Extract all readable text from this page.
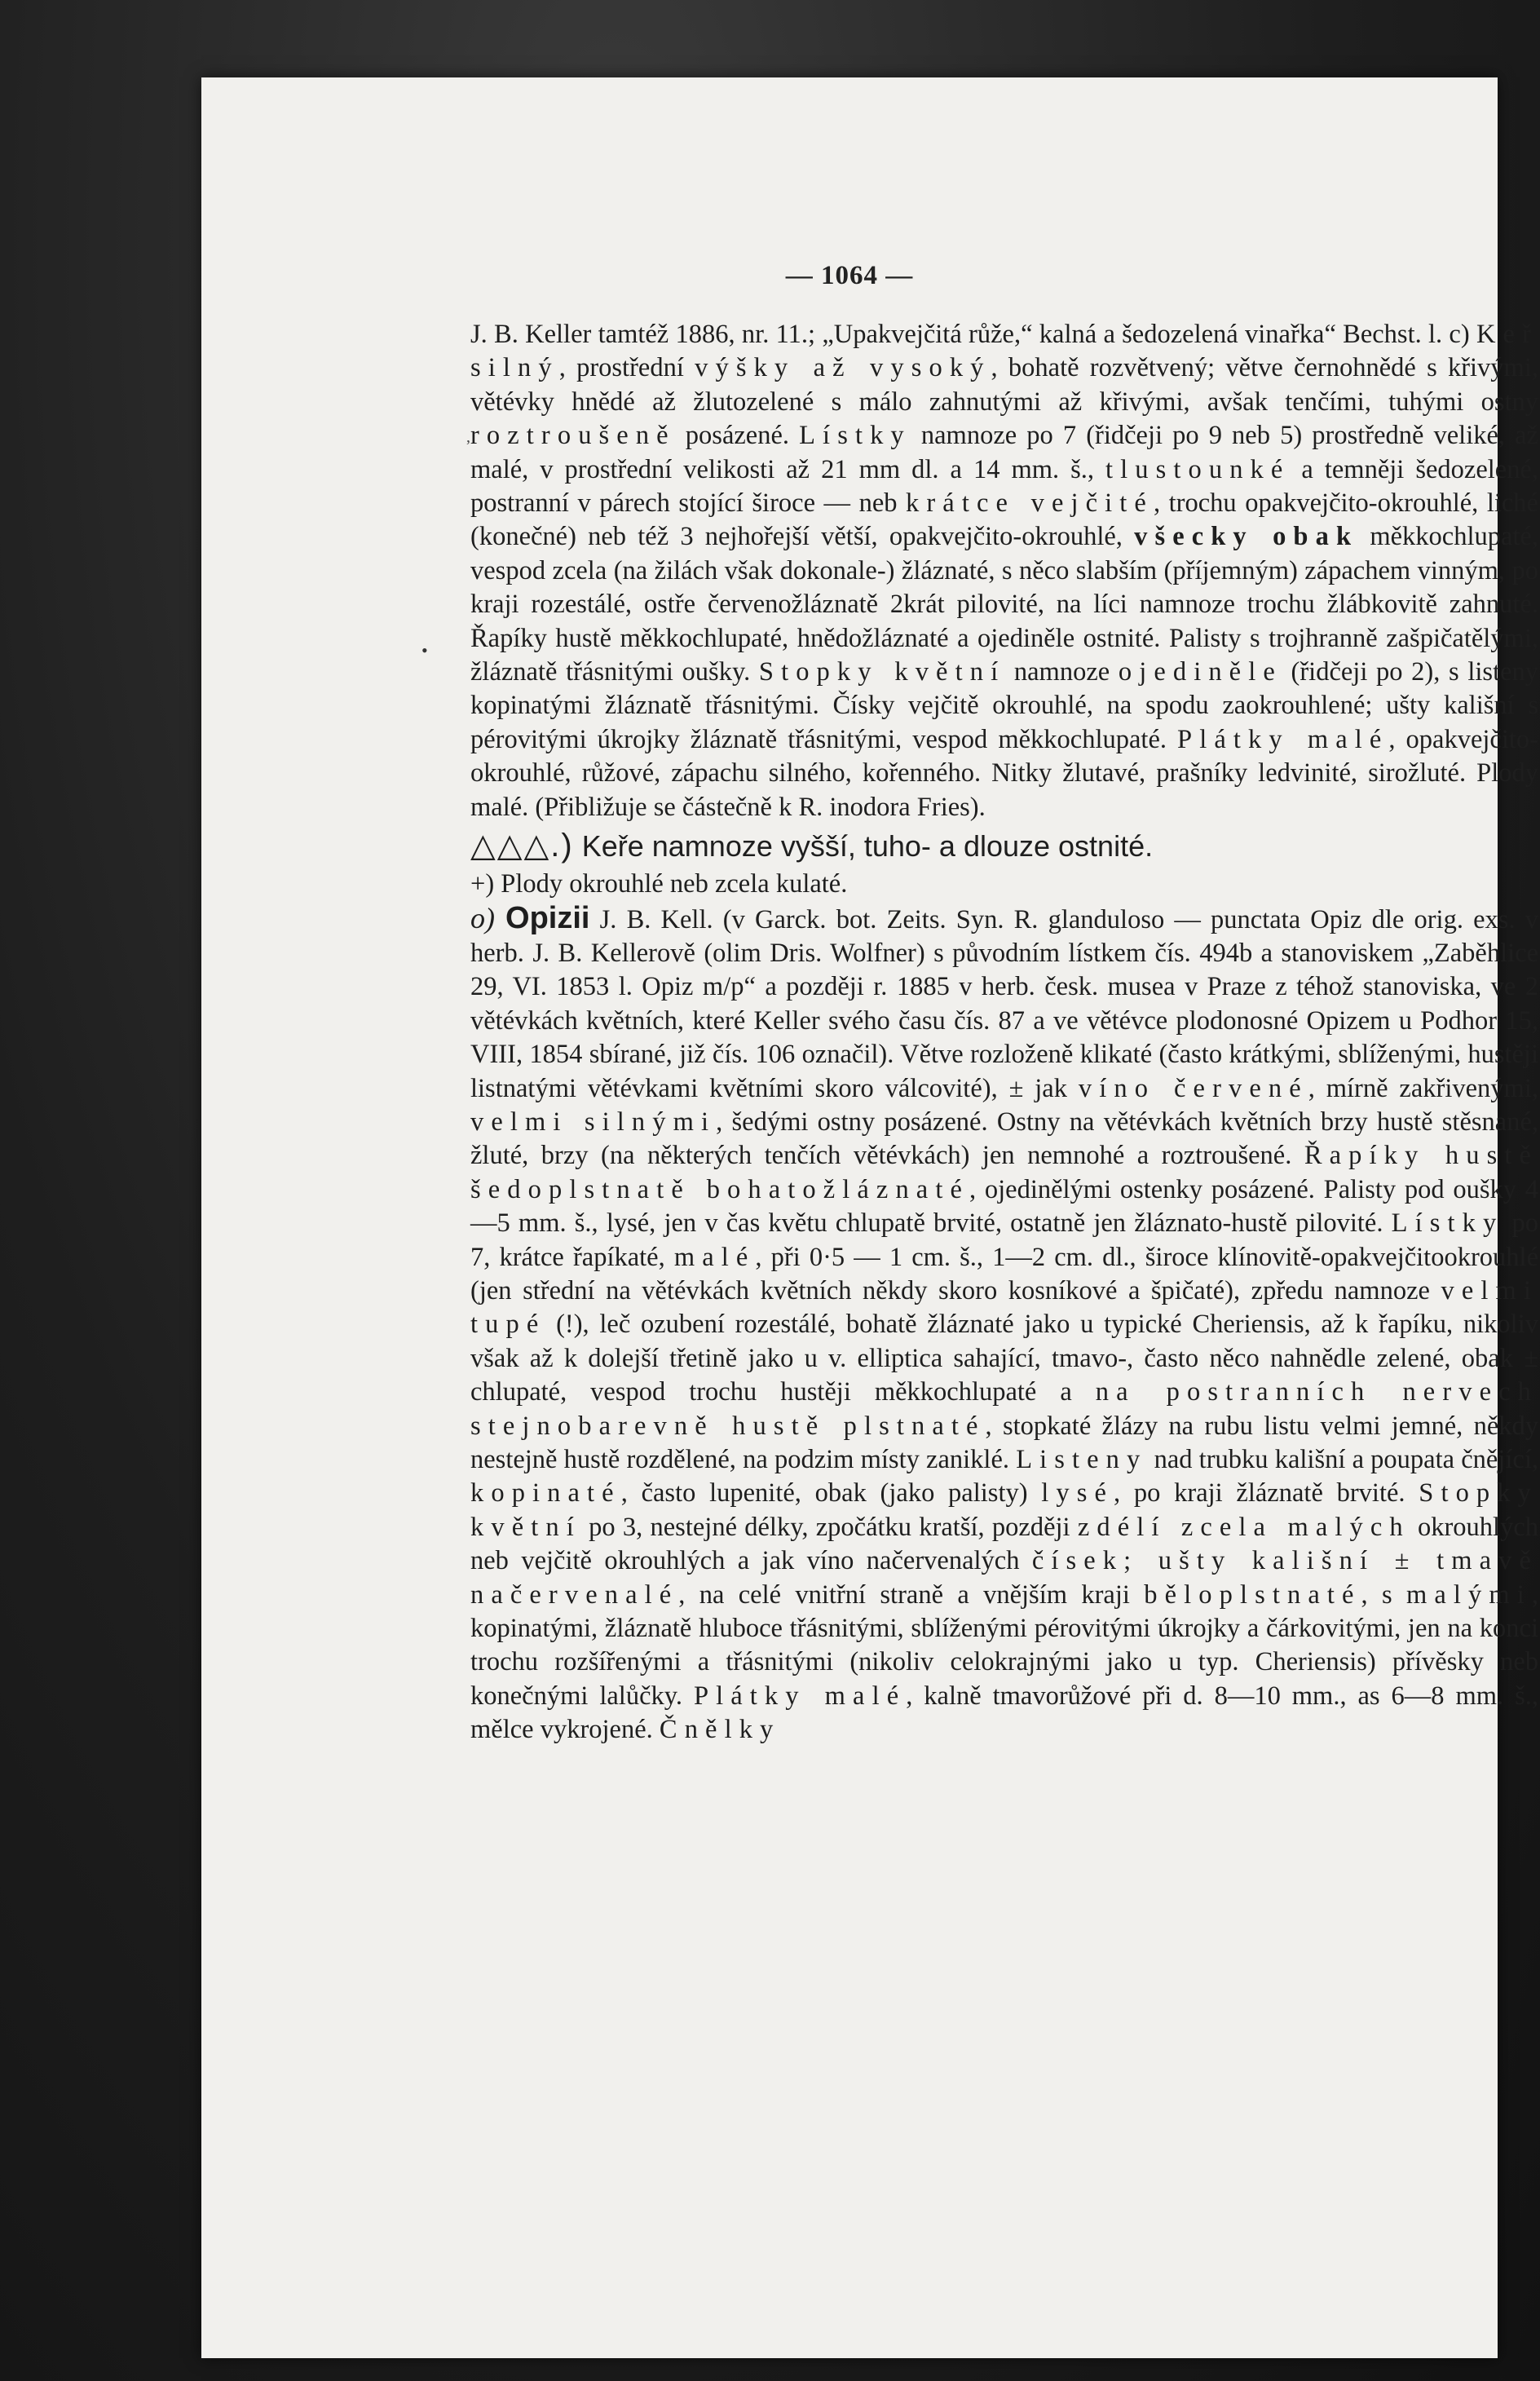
— 1064 —
,
•

J. B. Keller tamtéž 1886, nr. 11.; „Upakvejčitá růže,“ kalná a šedozelená vinařka“ Bechst. l. c) Keř silný, prostřední výšky až vysoký, bohatě rozvětvený; větve černohnědé s křivými, větévky hnědé až žlutozelené s málo zahnutými až křivými, avšak tenčími, tuhými ostny roztroušeně posázené. Lístky namnoze po 7 (řidčeji po 9 neb 5) prostředně veliké, až malé, v prostřední velikosti až 21 mm dl. a 14 mm. š., tlustounké a temněji šedozelené, postranní v párech stojící široce — neb krátce vejčité, trochu opakvejčito-okrouhlé, liché (konečné) neb též 3 nejhořejší větší, opakvejčito-okrouhlé, všecky obak měkkochlupaté, vespod zcela (na žilách však dokonale-) žláznaté, s něco slabším (příjemným) zápachem vinným, po kraji rozestálé, ostře červenožláznatě 2krát pilovité, na líci namnoze trochu žlábkovitě zahnuté. Řapíky hustě měkkochlupaté, hnědožláznaté a ojediněle ostnité. Palisty s trojhranně zašpičatělými, žláznatě třásnitými oušky. Stopky květní namnoze ojediněle (řidčeji po 2), s listeny kopinatými žláznatě třásnitými. Čísky vejčitě okrouhlé, na spodu zaokrouhlené; ušty kališní s pérovitými úkrojky žláznatě třásnitými, vespod měkkochlupaté. Plátky malé, opakvejčito-okrouhlé, růžové, zápachu silného, kořenného. Nitky žlutavé, prašníky ledvinité, sirožluté. Plody malé. (Přibližuje se částečně k R. inodora Fries).

△△△.) Keře namnoze vyšší, tuho- a dlouze ostnité.

+) Plody okrouhlé neb zcela kulaté.

o) Opizii J. B. Kell. (v Garck. bot. Zeits. Syn. R. glanduloso — punctata Opiz dle orig. exs. v herb. J. B. Kellerově (olim Dris. Wolfner) s původním lístkem čís. 494b a stanoviskem „Zaběhlice 29, VI. 1853 l. Opiz m/p“ a později r. 1885 v herb. česk. musea v Praze z téhož stanoviska, ve 2 větévkách květních, které Keller svého času čís. 87 a ve větévce plodonosné Opizem u Podhor 15, VIII, 1854 sbírané, již čís. 106 označil). Větve rozloženě klikaté (často krátkými, sblíženými, hustěji listnatými větévkami květními skoro válcovité), ± jak víno červené, mírně zakřivenými, velmi silnými, šedými ostny posázené. Ostny na větévkách květních brzy hustě stěsnané, žluté, brzy (na některých tenčích větévkách) jen nemnohé a roztroušené. Řapíky hustě šedoplstnatě bohatožláznaté, ojedinělými ostenky posázené. Palisty pod oušky 4—5 mm. š., lysé, jen v čas květu chlupatě brvité, ostatně jen žláznato-hustě pilovité. Lístky po 7, krátce řapíkaté, malé, při 0·5 — 1 cm. š., 1—2 cm. dl., široce klínovitě-opakvejčitookrouhlé (jen střední na větévkách květních někdy skoro kosníkové a špičaté), zpředu namnoze velmi tupé (!), leč ozubení rozestálé, bohatě žláznaté jako u typické Cheriensis, až k řapíku, nikoliv však až k dolejší třetině jako u v. elliptica sahající, tmavo-, často něco nahnědle zelené, obak ± chlupaté, vespod trochu hustěji měkkochlupaté a na postranních nervech stejnobarevně hustě plstnaté, stopkaté žlázy na rubu listu velmi jemné, někdy nestejně hustě rozdělené, na podzim místy zaniklé. Listeny nad trubku kališní a poupata čnějící, kopinaté, často lupenité, obak (jako palisty) lysé, po kraji žláznatě brvité. Stopky květní po 3, nestejné délky, zpočátku kratší, později zdélí zcela malých okrouhlých neb vejčitě okrouhlých a jak víno načervenalých čísek; ušty kališní ± tmavě načervenalé, na celé vnitřní straně a vnějším kraji běloplstnaté, s malými, kopinatými, žláznatě hluboce třásnitými, sblíženými pérovitými úkrojky a čárkovitými, jen na konci trochu rozšířenými a třásnitými (nikoliv celokrajnými jako u typ. Cheriensis) přívěsky neb konečnými lalůčky. Plátky malé, kalně tmavorůžové při d. 8—10 mm., as 6—8 mm. š., mělce vykrojené. Čnělky
